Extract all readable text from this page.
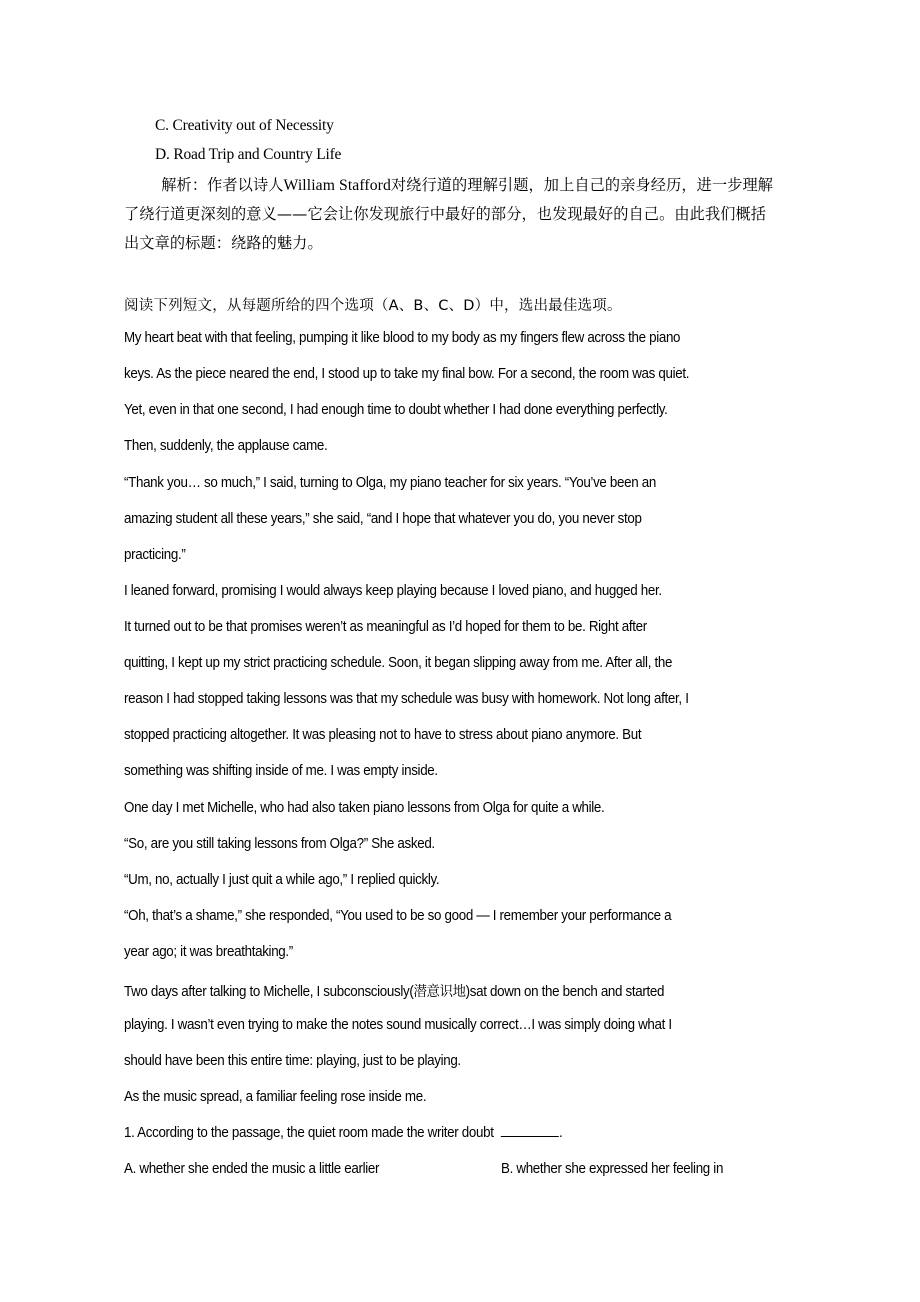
C. Creativity out of Necessity
D. Road Trip and Country Life
解析：作者以诗人William Stafford对绕行道的理解引题，加上自己的亲身经历，进一步理解了绕行道更深刻的意义——它会让你发现旅行中最好的部分，也发现最好的自己。由此我们概括出文章的标题：绕路的魅力。
阅读下列短文，从每题所给的四个选项（A、B、C、D）中，选出最佳选项。
My heart beat with that feeling, pumping it like blood to my body as my fingers flew across the piano
keys. As the piece neared the end, I stood up to take my final bow. For a second, the room was quiet.
Yet, even in that one second, I had enough time to doubt whether I had done everything perfectly.
Then, suddenly, the applause came.
“Thank you… so much,” I said, turning to Olga, my piano teacher for six years. “You’ve been an
amazing student all these years,” she said, “and I hope that whatever you do, you never stop
practicing.”
I leaned forward, promising I would always keep playing because I loved piano, and hugged her.
It turned out to be that promises weren’t as meaningful as I’d hoped for them to be. Right after
quitting, I kept up my strict practicing schedule. Soon, it began slipping away from me. After all, the
reason I had stopped taking lessons was that my schedule was busy with homework. Not long after, I
stopped practicing altogether. It was pleasing not to have to stress about piano anymore. But
something was shifting inside of me. I was empty inside.
One day I met Michelle, who had also taken piano lessons from Olga for quite a while.
“So, are you still taking lessons from Olga?” She asked.
“Um, no, actually I just quit a while ago,” I replied quickly.
“Oh, that’s a shame,” she responded, “You used to be so good — I remember your performance a
year ago; it was breathtaking.”
Two days after talking to Michelle, I subconsciously(潜意识地)sat down on the bench and started
playing. I wasn’t even trying to make the notes sound musically correct…I was simply doing what I
should have been this entire time: playing, just to be playing.
As the music spread, a familiar feeling rose inside me.
1. According to the passage, the quiet room made the writer doubt	.
A. whether she ended the music a little earlier	B. whether she expressed her feeling in
